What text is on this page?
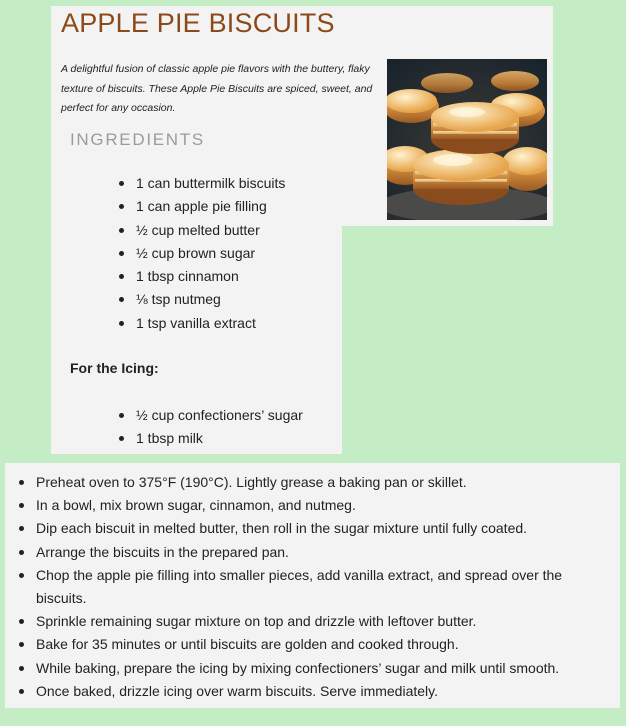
APPLE PIE BISCUITS

A delightful fusion of classic apple pie flavors with the buttery, flaky texture of biscuits. These Apple Pie Biscuits are spiced, sweet, and perfect for any occasion.

INGREDIENTS
1 can buttermilk biscuits
1 can apple pie filling
½ cup melted butter
½ cup brown sugar
1 tbsp cinnamon
⅛ tsp nutmeg
1 tsp vanilla extract
For the Icing:
½ cup confectioners’ sugar
1 tbsp milk
Preheat oven to 375°F (190°C). Lightly grease a baking pan or skillet.
In a bowl, mix brown sugar, cinnamon, and nutmeg.
Dip each biscuit in melted butter, then roll in the sugar mixture until fully coated.
Arrange the biscuits in the prepared pan.
Chop the apple pie filling into smaller pieces, add vanilla extract, and spread over the biscuits.
Sprinkle remaining sugar mixture on top and drizzle with leftover butter.
Bake for 35 minutes or until biscuits are golden and cooked through.
While baking, prepare the icing by mixing confectioners’ sugar and milk until smooth.
Once baked, drizzle icing over warm biscuits. Serve immediately.
